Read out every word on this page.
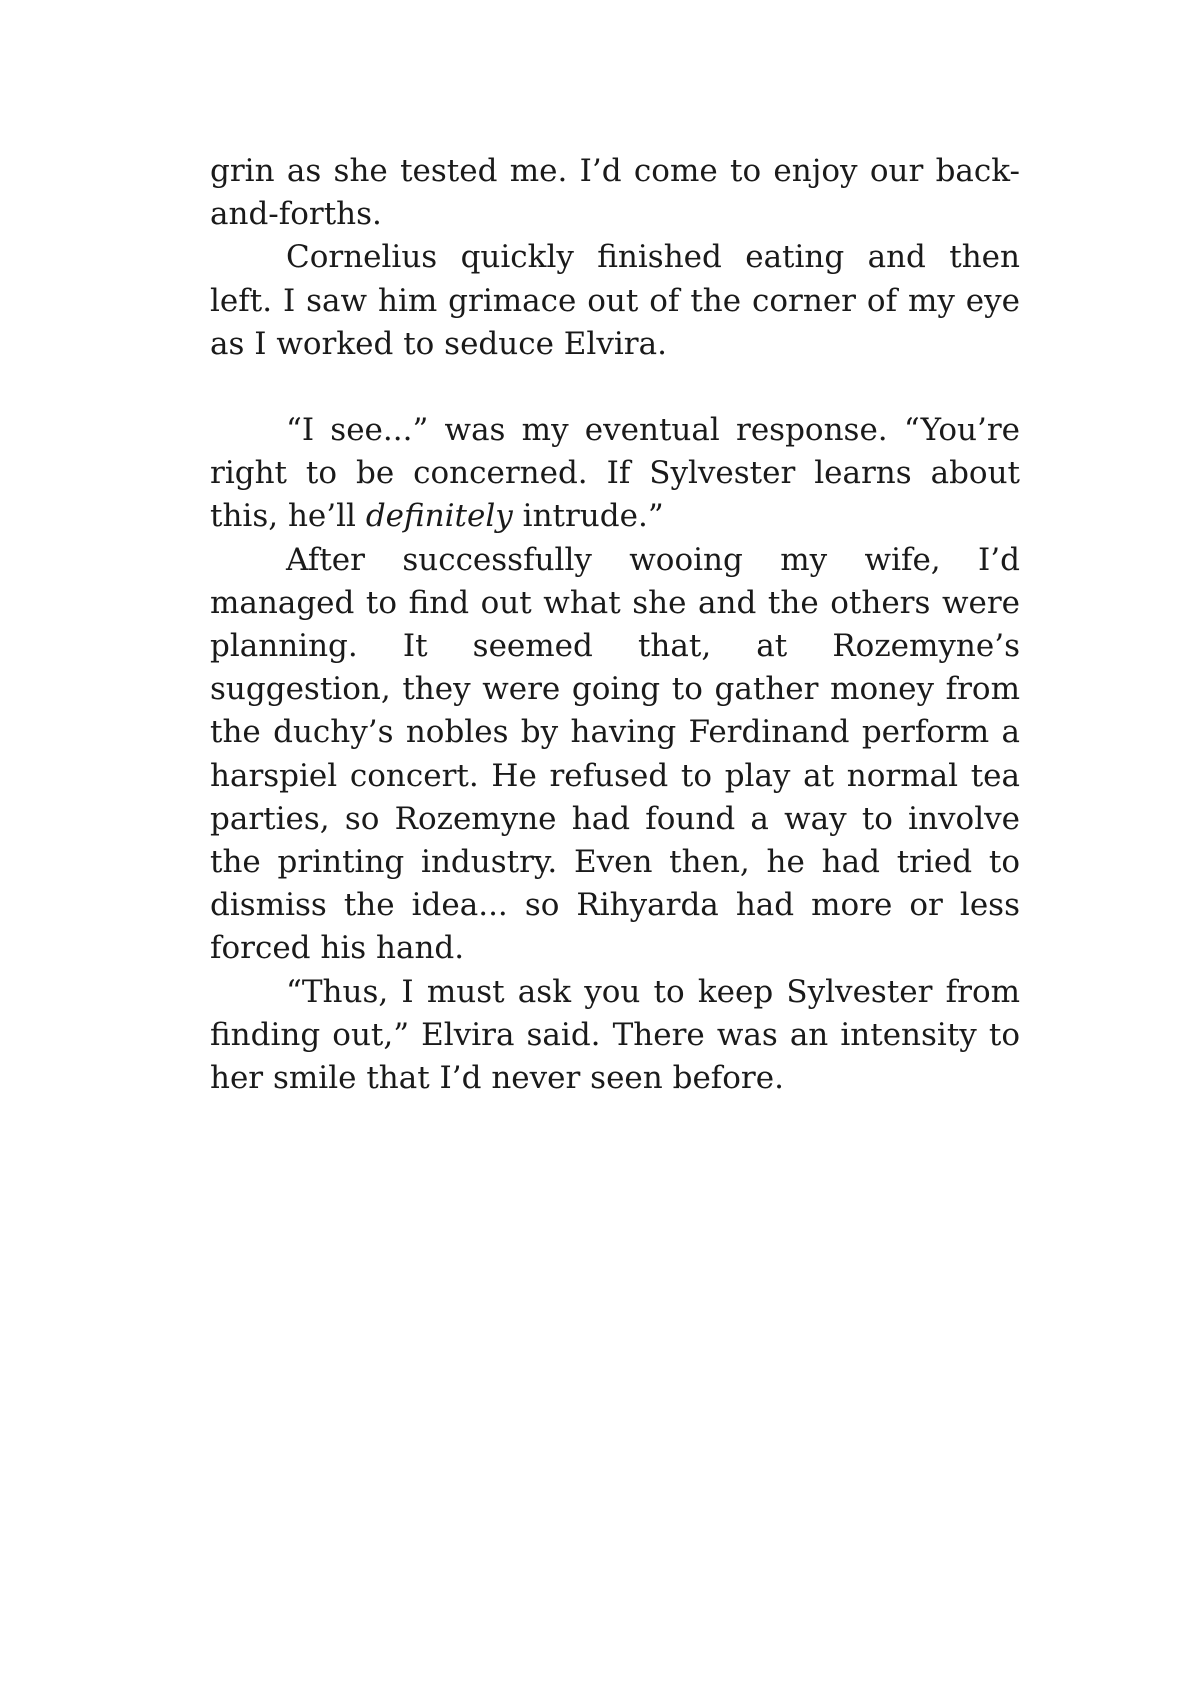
grin as she tested me. I’d come to enjoy our back-and-forths.

Cornelius quickly finished eating and then left. I saw him grimace out of the corner of my eye as I worked to seduce Elvira.

“I see...” was my eventual response. “You’re right to be concerned. If Sylvester learns about this, he’ll definitely intrude.”

After successfully wooing my wife, I’d managed to find out what she and the others were planning. It seemed that, at Rozemyne’s suggestion, they were going to gather money from the duchy’s nobles by having Ferdinand perform a harspiel concert. He refused to play at normal tea parties, so Rozemyne had found a way to involve the printing industry. Even then, he had tried to dismiss the idea... so Rihyarda had more or less forced his hand.

“Thus, I must ask you to keep Sylvester from finding out,” Elvira said. There was an intensity to her smile that I’d never seen before.
